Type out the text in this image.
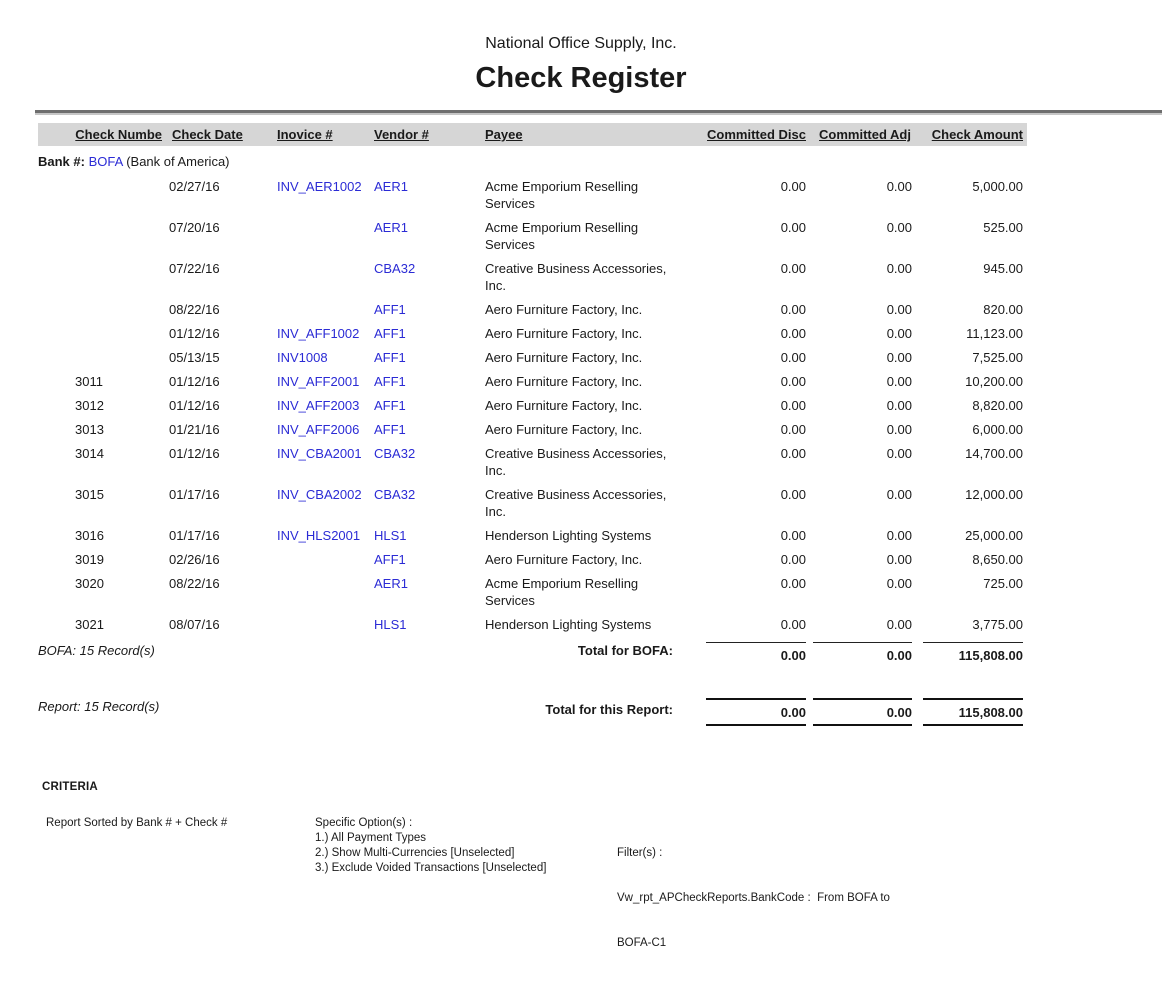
National Office Supply, Inc.
Check Register
Check Numbe	Check Date	Inovice #	Vendor #	Payee	Committed Disc	Committed Adj	Check Amount
Bank #: BOFA (Bank of America)							
	02/27/16	INV_AER1002	AER1	Acme Emporium Reselling Services	0.00	0.00	5,000.00
	07/20/16		AER1	Acme Emporium Reselling Services	0.00	0.00	525.00
	07/22/16		CBA32	Creative Business Accessories, Inc.	0.00	0.00	945.00
	08/22/16		AFF1	Aero Furniture Factory, Inc.	0.00	0.00	820.00
	01/12/16	INV_AFF1002	AFF1	Aero Furniture Factory, Inc.	0.00	0.00	11,123.00
	05/13/15	INV1008	AFF1	Aero Furniture Factory, Inc.	0.00	0.00	7,525.00
3011	01/12/16	INV_AFF2001	AFF1	Aero Furniture Factory, Inc.	0.00	0.00	10,200.00
3012	01/12/16	INV_AFF2003	AFF1	Aero Furniture Factory, Inc.	0.00	0.00	8,820.00
3013	01/21/16	INV_AFF2006	AFF1	Aero Furniture Factory, Inc.	0.00	0.00	6,000.00
3014	01/12/16	INV_CBA2001	CBA32	Creative Business Accessories, Inc.	0.00	0.00	14,700.00
3015	01/17/16	INV_CBA2002	CBA32	Creative Business Accessories, Inc.	0.00	0.00	12,000.00
3016	01/17/16	INV_HLS2001	HLS1	Henderson Lighting Systems	0.00	0.00	25,000.00
3019	02/26/16		AFF1	Aero Furniture Factory, Inc.	0.00	0.00	8,650.00
3020	08/22/16		AER1	Acme Emporium Reselling Services	0.00	0.00	725.00
3021	08/07/16		HLS1	Henderson Lighting Systems	0.00	0.00	3,775.00
BOFA: 15 Record(s)				Total for BOFA:	0.00	0.00	115,808.00

Report: 15 Record(s)				Total for this Report:	0.00	0.00	115,808.00
CRITERIA
Report Sorted by Bank # + Check #	Specific Option(s) :
1.) All Payment Types
2.) Show Multi-Currencies [Unselected]
3.) Exclude Voided Transactions [Unselected]

Filter(s) :

Vw_rpt_APCheckReports.BankCode :  From BOFA to

BOFA-C1
